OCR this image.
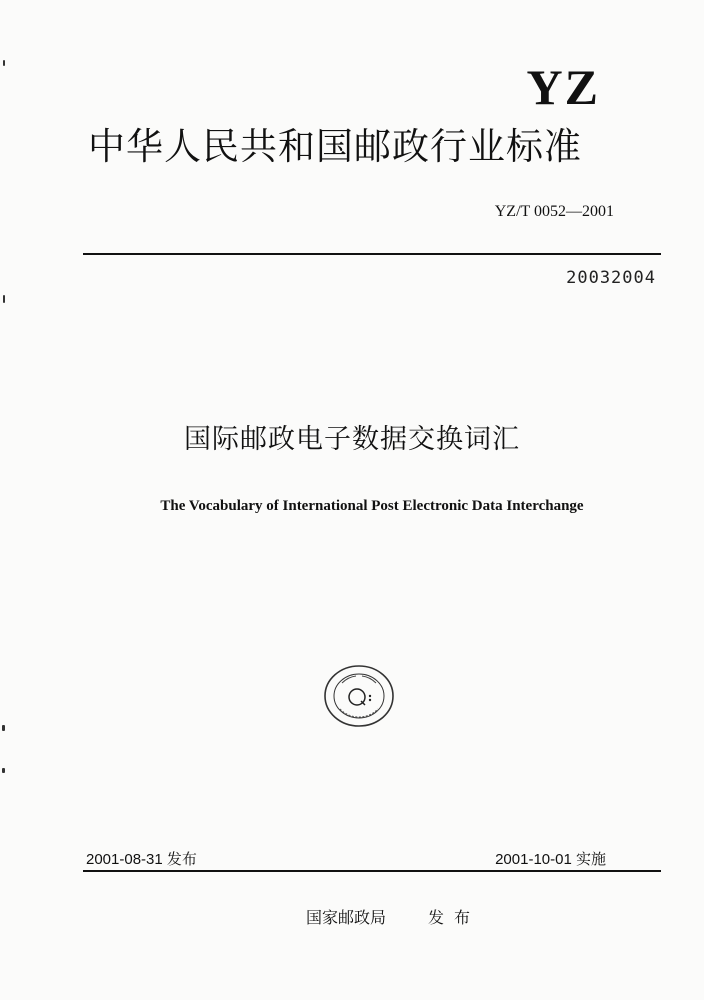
YZ
中华人民共和国邮政行业标准
YZ/T 0052—2001
20032004
国际邮政电子数据交换词汇
The Vocabulary of International Post Electronic Data Interchange
2001-08-31 发布	2001-10-01 实施
国家邮政局	发布
